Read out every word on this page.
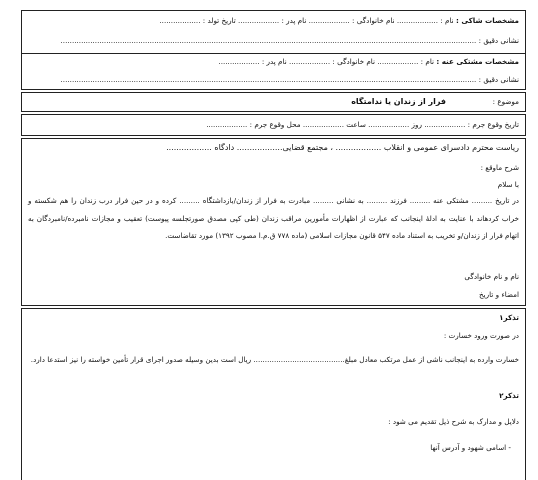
مشخصات شاکی : نام : .................. نام خانوادگی : .................. نام پدر : .................. تاریخ تولد : ..................
نشانی دقیق : ......................................................................................................................................................................................
مشخصات مشتکی عنه : نام : .................. نام خانوادگی : .................. نام پدر : ..................
نشانی دقیق : ......................................................................................................................................................................................
موضوع :  فرار از زندان یا ندامتگاه
تاریخ وقوع جرم : .................. روز .................. ساعت .................. محل وقوع جرم : ..................
ریاست محترم دادسرای عمومی و انقلاب .................. ، مجتمع قضایی.................. دادگاه ..................
شرح ماوقع :
با سلام

در تاریخ ......... مشتکی عنه ......... فرزند ......... به نشانی ......... مبادرت به فرار از زندان/بازداشتگاه ......... کرده و در حین فرار درب زندان را هم شکسته و خراب کردهاند با عنایت به ادلهٔ اینجانب که عبارت از اظهارات مأمورین مراقب زندان (طی کپی مصدق صورتجلسه پیوست) تعقیب و مجازات نامبرده/نامبردگان به اتهام فرار از زندان/و تخریب به استناد ماده ۵۴۷ قانون مجازات اسلامی (ماده ۷۷۸ ق.م.ا مصوب ۱۳۹۲) مورد تقاضاست.

نام و نام خانوادگی
امضاء و تاریخ
تذکر۱
در صورت ورود خسارت :

خسارت وارده به اینجانب ناشی از عمل مرتکب معادل مبلغ........................................ ریال است بدین وسیله صدور اجرای قرار تأمین خواسته را نیز استدعا دارد.

تذکر۲
دلایل و مدارک به شرح ذیل تقدیم می شود :
- اسامی شهود و آدرس آنها
